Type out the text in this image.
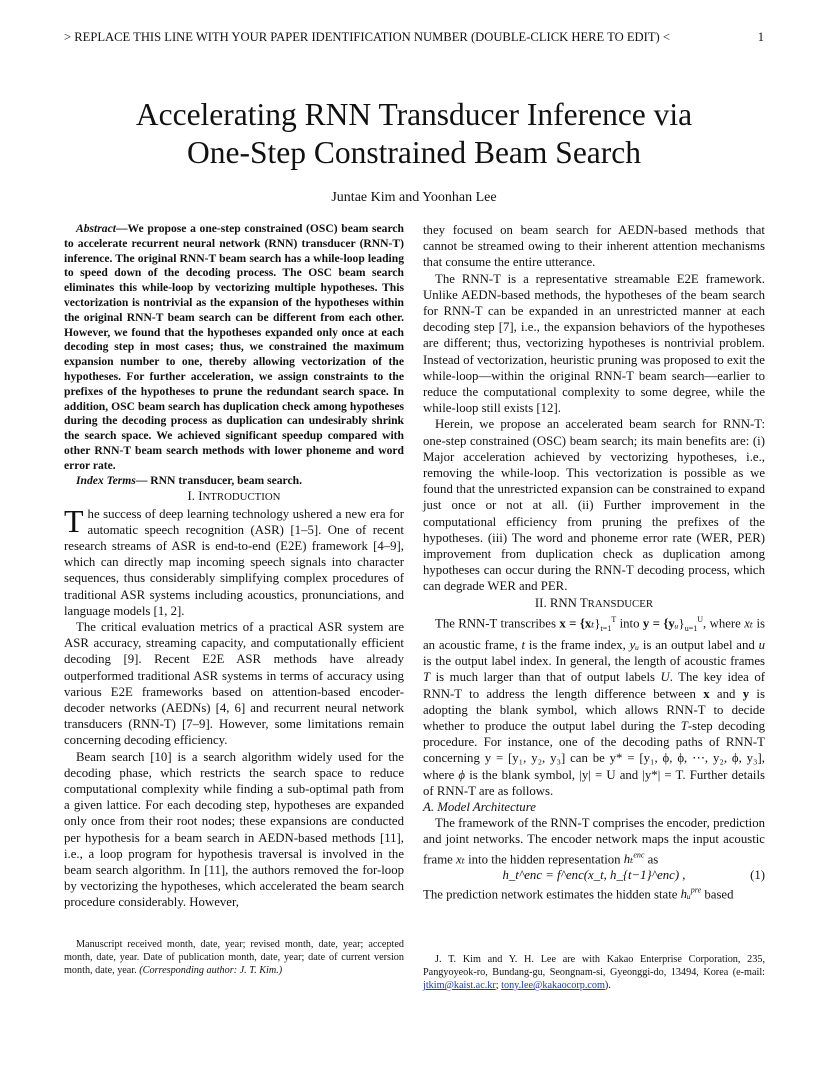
> REPLACE THIS LINE WITH YOUR PAPER IDENTIFICATION NUMBER (DOUBLE-CLICK HERE TO EDIT) <	1
Accelerating RNN Transducer Inference via
One-Step Constrained Beam Search
Juntae Kim and Yoonhan Lee

Abstract—We propose a one-step constrained (OSC) beam search to accelerate recurrent neural network (RNN) transducer (RNN-T) inference. The original RNN-T beam search has a while-loop leading to speed down of the decoding process. The OSC beam search eliminates this while-loop by vectorizing multiple hypotheses. This vectorization is nontrivial as the expansion of the hypotheses within the original RNN-T beam search can be different from each other. However, we found that the hypotheses expanded only once at each decoding step in most cases; thus, we constrained the maximum expansion number to one, thereby allowing vectorization of the hypotheses. For further acceleration, we assign constraints to the prefixes of the hypotheses to prune the redundant search space. In addition, OSC beam search has duplication check among hypotheses during the decoding process as duplication can undesirably shrink the search space. We achieved significant speedup compared with other RNN-T beam search methods with lower phoneme and word error rate.

Index Terms— RNN transducer, beam search.

I. INTRODUCTION

The success of deep learning technology ushered a new era for automatic speech recognition (ASR) [1–5]. One of recent research streams of ASR is end-to-end (E2E) framework [4–9], which can directly map incoming speech signals into character sequences, thus considerably simplifying complex procedures of traditional ASR systems including acoustics, pronunciations, and language models [1, 2].

The critical evaluation metrics of a practical ASR system are ASR accuracy, streaming capacity, and computationally efficient decoding [9]. Recent E2E ASR methods have already outperformed traditional ASR systems in terms of accuracy using various E2E frameworks based on attention-based encoder-decoder networks (AEDNs) [4, 6] and recurrent neural network transducers (RNN-T) [7–9]. However, some limitations remain concerning decoding efficiency.

Beam search [10] is a search algorithm widely used for the decoding phase, which restricts the search space to reduce computational complexity while finding a sub-optimal path from a given lattice. For each decoding step, hypotheses are expanded only once from their root nodes; these expansions are conducted per hypothesis for a beam search in AEDN-based methods [11], i.e., a loop program for hypothesis traversal is involved in the beam search algorithm. In [11], the authors removed the for-loop by vectorizing the hypotheses, which accelerated the beam search procedure considerably. However,

they focused on beam search for AEDN-based methods that cannot be streamed owing to their inherent attention mechanisms that consume the entire utterance.

The RNN-T is a representative streamable E2E framework. Unlike AEDN-based methods, the hypotheses of the beam search for RNN-T can be expanded in an unrestricted manner at each decoding step [7], i.e., the expansion behaviors of the hypotheses are different; thus, vectorizing hypotheses is nontrivial problem. Instead of vectorization, heuristic pruning was proposed to exit the while-loop—within the original RNN-T beam search—earlier to reduce the computational complexity to some degree, while the while-loop still exists [12].

Herein, we propose an accelerated beam search for RNN-T: one-step constrained (OSC) beam search; its main benefits are: (i) Major acceleration achieved by vectorizing hypotheses, i.e., removing the while-loop. This vectorization is possible as we found that the unrestricted expansion can be constrained to expand just once or not at all. (ii) Further improvement in the computational efficiency from pruning the prefixes of the hypotheses. (iii) The word and phoneme error rate (WER, PER) improvement from duplication check as duplication among hypotheses can occur during the RNN-T decoding process, which can degrade WER and PER.

II. RNN TRANSDUCER

The RNN-T transcribes $x = \{x_t\}_{t=1}^T$ into $y = \{yᵤ\}_{u=1}^U$, where xₜ is an acoustic frame, t is the frame index, yᵤ is an output label and u is the output label index. In general, the length of acoustic frames T is much larger than that of output labels U. The key idea of RNN-T to address the length difference between x and y is adopting the blank symbol, which allows RNN-T to decide whether to produce the output label during the T-step decoding procedure. For instance, one of the decoding paths of RNN-T concerning y = [y₁, y₂, y₃] can be y* = [y₁, ϕ, ϕ, ⋯, y₂, ϕ, y₃], where ϕ is the blank symbol, |y| = U and |y*| = T. Further details of RNN-T are as follows.

A. Model Architecture

The framework of the RNN-T comprises the encoder, prediction and joint networks. The encoder network maps the input acoustic frame xₜ into the hidden representation hₜ$^{enc}$ as

h_t^enc = f^enc(x_t, h_{t−1}^enc) ,	(1)

The prediction network estimates the hidden state hᵤ$^{pre}$ based

Manuscript received month, date, year; revised month, date, year; accepted month, date, year. Date of publication month, date, year; date of current version month, date, year. (Corresponding author: J. T. Kim.)

J. T. Kim and Y. H. Lee are with Kakao Enterprise Corporation, 235, Pangyoyeok-ro, Bundang-gu, Seongnam-si, Gyeonggi-do, 13494, Korea (e-mail: jtkim@kaist.ac.kr; tony.lee@kakaocorp.com).
